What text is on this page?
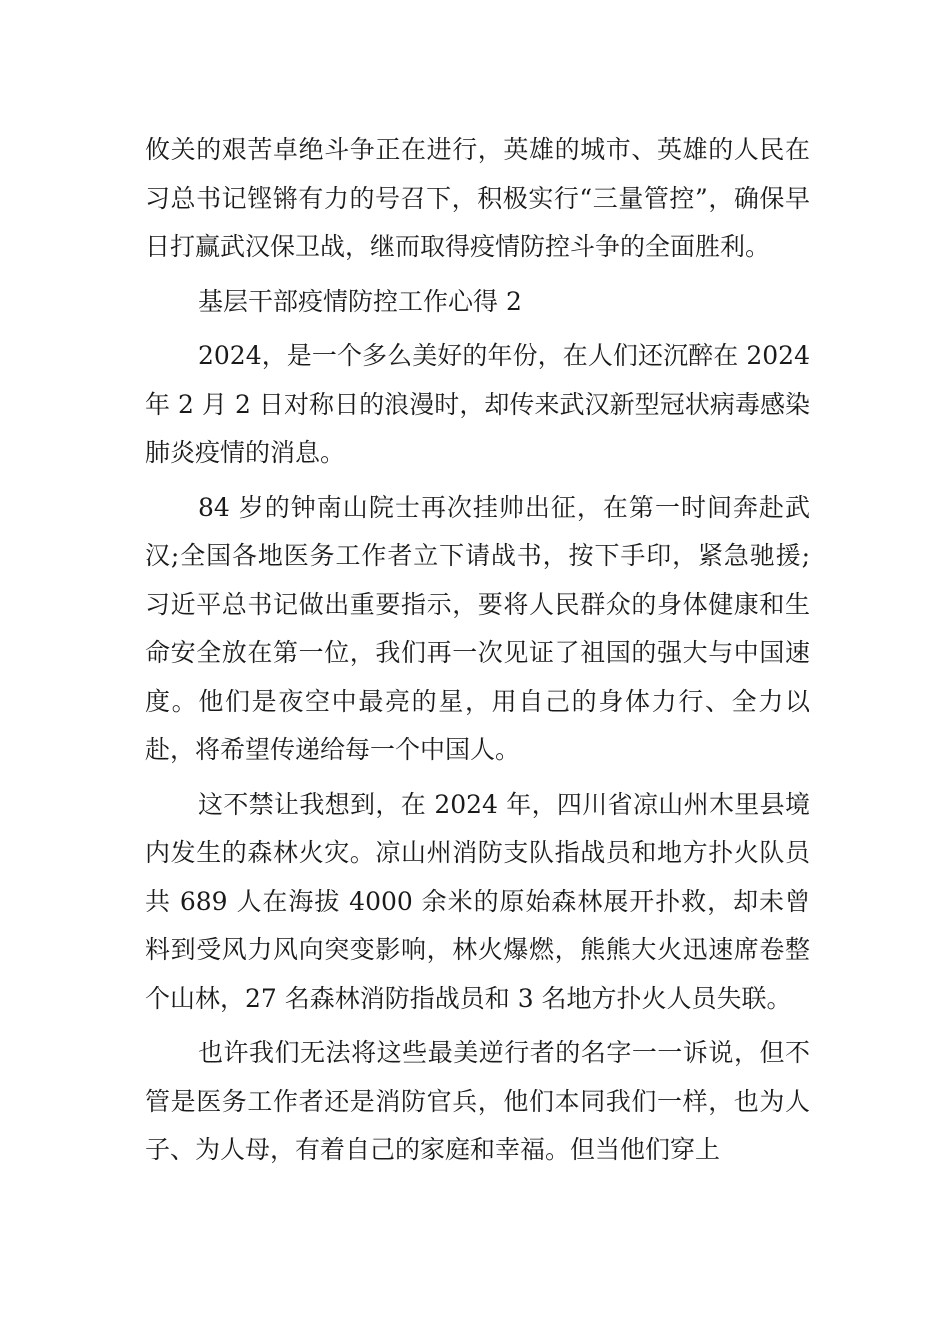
攸关的艰苦卓绝斗争正在进行，英雄的城市、英雄的人民在习总书记铿锵有力的号召下，积极实行“三量管控”，确保早日打赢武汉保卫战，继而取得疫情防控斗争的全面胜利。

基层干部疫情防控工作心得 2

2024，是一个多么美好的年份，在人们还沉醉在 2024 年 2 月 2 日对称日的浪漫时，却传来武汉新型冠状病毒感染肺炎疫情的消息。

84 岁的钟南山院士再次挂帅出征，在第一时间奔赴武汉;全国各地医务工作者立下请战书，按下手印，紧急驰援;习近平总书记做出重要指示，要将人民群众的身体健康和生命安全放在第一位，我们再一次见证了祖国的强大与中国速度。他们是夜空中最亮的星，用自己的身体力行、全力以赴，将希望传递给每一个中国人。

这不禁让我想到，在 2024 年，四川省凉山州木里县境内发生的森林火灾。凉山州消防支队指战员和地方扑火队员共 689 人在海拔 4000 余米的原始森林展开扑救，却未曾料到受风力风向突变影响，林火爆燃，熊熊大火迅速席卷整个山林，27 名森林消防指战员和 3 名地方扑火人员失联。

也许我们无法将这些最美逆行者的名字一一诉说，但不管是医务工作者还是消防官兵，他们本同我们一样，也为人子、为人母，有着自己的家庭和幸福。但当他们穿上
